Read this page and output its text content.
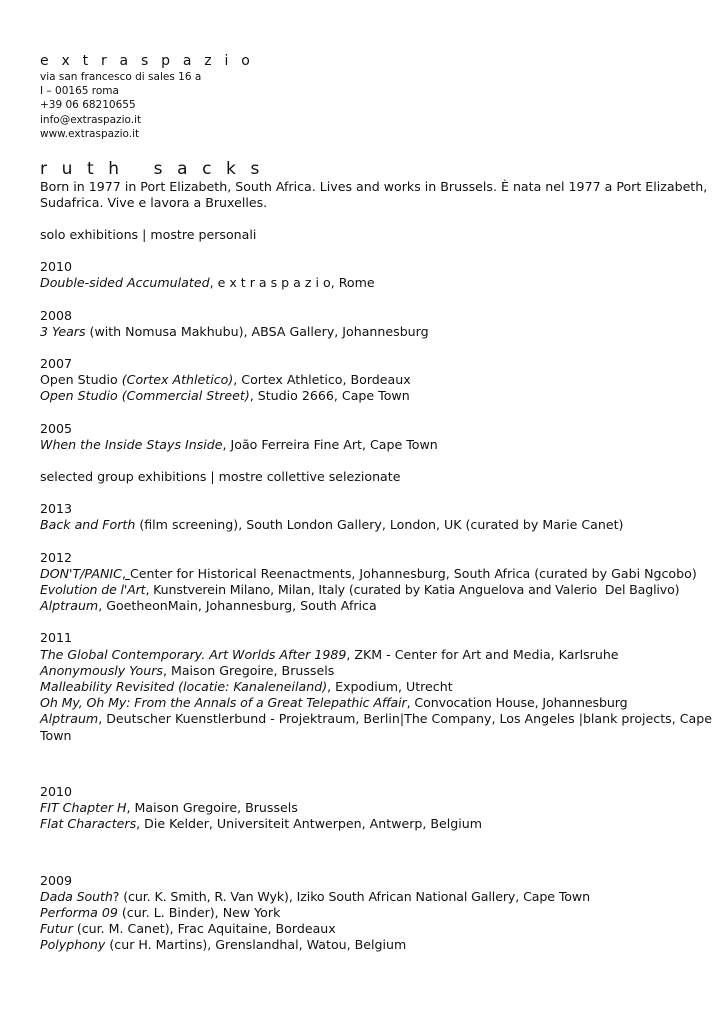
e x t r a s p a z i o

via san francesco di sales 16 a

I – 00165 roma

+39 06 68210655

info@extraspazio.it

www.extraspazio.it

r u t h   s a c k s

Born in 1977 in Port Elizabeth, South Africa. Lives and works in Brussels. È nata nel 1977 a Port Elizabeth, Sudafrica. Vive e lavora a Bruxelles.

solo exhibitions | mostre personali

2010

Double-sided Accumulated, e x t r a s p a z i o, Rome

2008

3 Years (with Nomusa Makhubu), ABSA Gallery, Johannesburg

2007

Open Studio (Cortex Athletico), Cortex Athletico, Bordeaux

Open Studio (Commercial Street), Studio 2666, Cape Town

2005

When the Inside Stays Inside, João Ferreira Fine Art, Cape Town

selected group exhibitions | mostre collettive selezionate

2013

Back and Forth (film screening), South London Gallery, London, UK (curated by Marie Canet)

2012

DON'T/PANIC, Center for Historical Reenactments, Johannesburg, South Africa (curated by Gabi Ngcobo)

Evolution de l'Art, Kunstverein Milano, Milan, Italy (curated by Katia Anguelova and Valerio  Del Baglivo)

Alptraum, GoetheonMain, Johannesburg, South Africa

2011

The Global Contemporary. Art Worlds After 1989, ZKM - Center for Art and Media, Karlsruhe

Anonymously Yours, Maison Gregoire, Brussels

Malleability Revisited (locatie: Kanaleneiland), Expodium, Utrecht

Oh My, Oh My: From the Annals of a Great Telepathic Affair, Convocation House, Johannesburg

Alptraum, Deutscher Kuenstlerbund - Projektraum, Berlin|The Company, Los Angeles |blank projects, Cape Town

2010

FIT Chapter H, Maison Gregoire, Brussels

Flat Characters, Die Kelder, Universiteit Antwerpen, Antwerp, Belgium

2009

Dada South? (cur. K. Smith, R. Van Wyk), Iziko South African National Gallery, Cape Town

Performa 09 (cur. L. Binder), New York

Futur (cur. M. Canet), Frac Aquitaine, Bordeaux

Polyphony (cur H. Martins), Grenslandhal, Watou, Belgium
